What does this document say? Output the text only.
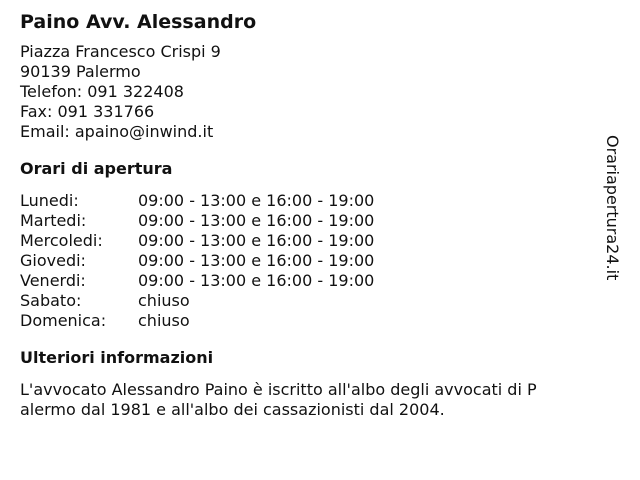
Paino Avv. Alessandro
Piazza Francesco Crispi 9
90139 Palermo
Telefon: 091 322408
Fax: 091 331766
Email: apaino@inwind.it
Orari di apertura
Lunedi:	09:00 - 13:00 e 16:00 - 19:00
Martedi:	09:00 - 13:00 e 16:00 - 19:00
Mercoledi:	09:00 - 13:00 e 16:00 - 19:00
Giovedi:	09:00 - 13:00 e 16:00 - 19:00
Venerdi:	09:00 - 13:00 e 16:00 - 19:00
Sabato:	chiuso
Domenica:	chiuso
Ulteriori informazioni
L'avvocato Alessandro Paino è iscritto all'albo degli avvocati di Palermo dal 1981 e all'albo dei cassazionisti dal 2004.
Orariapertura24.it
